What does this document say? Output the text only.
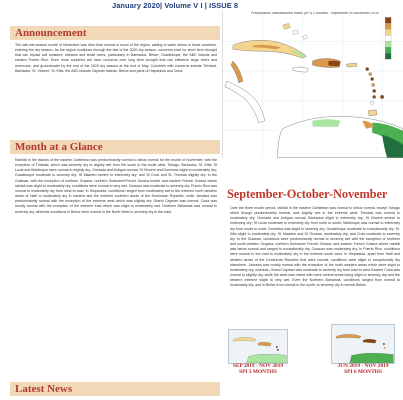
January 2020| Volume V I | ISSUE 8
Precipitation Standardized Index (SPI) 3 months - September to November 2019
Announcement
The late wet season month of November was drier than normal in much of the region, adding to water stress in those countries, entering the dry season. As the region continues through the last of the 2020 dry season, concerns exist for short term drought that can impact soil moisture, streams and small rivers, particularly in Barbados, Belize, Guadeloupe, the ABC Islands and eastern Puerto Rico. Even more countries will have concerns over long term drought that can influence large rivers and reservoirs, and groundwater by the end of the 2020 dry season at the end of May. Countries with concerns include Trinidad, Barbados, St. Vincent, St. Kitts, the ABC Islands Cayman Islands, Belize and parts of Hispaniola and Cuba.
Month at a Glance
Rainfall in the islands of the eastern Caribbean was predominantly normal to below normal for the month of November, with the exception of Trinidad, which was severely dry to slightly wet from the south to the south west. Tobago, Barbados, St. Kitts, St Lucia and Martinique were normal to slightly dry; Grenada and Antigua normal; St Vincent and Dominica slight to moderately dry; Guadeloupe moderate to severely dry; St Maarten severe to extremely dry; and St Croix and St. Thomas slightly dry. In the Guianas, with the exception of northern Guyana, northern Suriname/French Guiana border and eastern French Guiana where rainfall was slight to moderately dry, conditions were normal to very wet. Curacao was moderate to severely dry. Puerto Rico was normal to moderately dry from west to east. In Hispaniola, conditions ranged from moderately wet in the extreme north western areas of Haiti to moderately dry in eastern and the extreme southern areas of the Dominican Republic, while Jamaica was predominantly normal with the exception of the extreme west which was slightly dry. Grand Cayman was normal. Cuba was mostly normal with the exception of the extreme east which was slight to moderately wet. Northern Bahamas was normal to severely dry, whereas conditions in Belize were normal in the North West to severely dry in the east.
Latest News
September-October-November
Over the three month period, rainfall in the eastern Caribbean was normal to below normal, except Tobago which though predominantly normal, was slightly wet in the extreme west. Trinidad was normal to moderately dry; Grenada and Antigua normal; Barbados slight to extremely dry; St Vincent severe to extremely dry; St Lucia moderate to extremely dry from north to south; Martinique was normal to extremely dry from south to north; Dominica was slight to severely dry; Guadeloupe moderate to exceptionally dry; St. Kitts slight to moderately dry; St. Maarten and St Thomas, moderately dry; and Croix moderate to severely dry. In the Guianas, conditions were predominantly normal to severely wet with the exception of northern and south-western Guyana, northern Suriname/ French Guiana, and eastern French Guiana where rainfall was below normal and ranged to exceptionally dry. Curacao was moderately dry. In Puerto Rico, conditions were normal in the east to moderately dry in the extreme south west. In Hispaniola, apart from Haiti and western areas of the Dominican Republic that were normal, conditions were slight to exceptionally dry elsewhere. Jamaica was mostly normal with the exception of the north western areas which were slight to moderately dry, whereas, Grand Cayman was moderate to severely dry from east to west Eastern Cuba was normal to slightly dry, while the west was mixed with more central areas being slight to severely dry and the western extreme slight to very wet. Even the Northern Bahamas, conditions ranged from normal to moderately dry, and in Belize from normal in the south, to severely dry in central Belize.
SEP 2019 - NOV 2019
SPI 3 MONTHS
JUN 2019 - NOV 2019
SPI 6 MONTHS
